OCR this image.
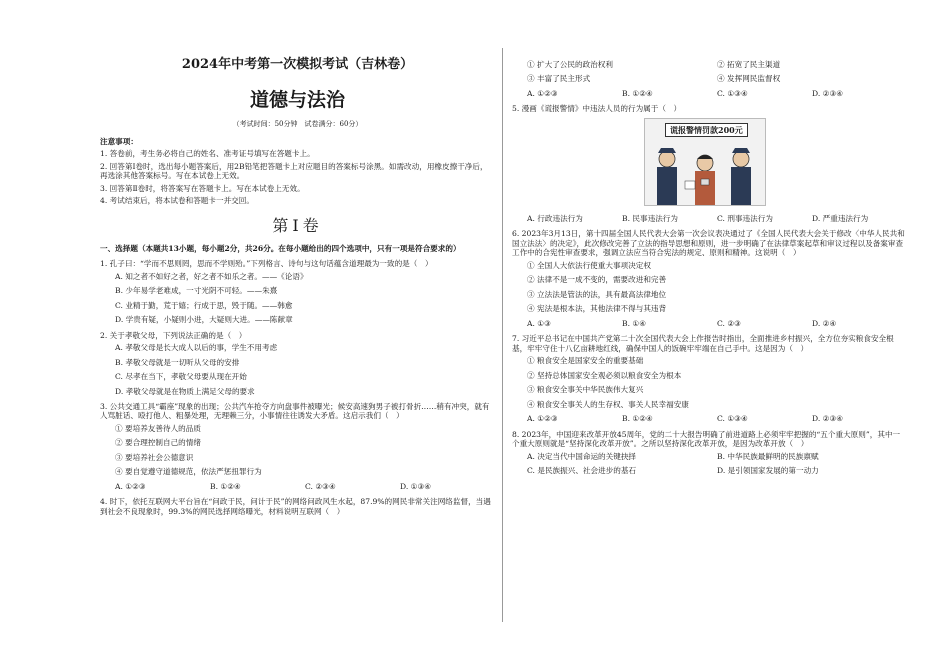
2024年中考第一次模拟考试（吉林卷）
道德与法治
（考试时间：50分钟　试卷满分：60分）
注意事项：
1. 答卷前，考生务必将自己的姓名、准考证号填写在答题卡上。
2. 回答第Ⅰ卷时，选出每小题答案后，用2B铅笔把答题卡上对应题目的答案标号涂黑。如需改动，用橡皮擦干净后，再选涂其他答案标号。写在本试卷上无效。
3. 回答第Ⅱ卷时，将答案写在答题卡上。写在本试卷上无效。
4. 考试结束后，将本试卷和答题卡一并交回。
第Ⅰ卷
一、选择题（本题共13小题，每小题2分，共26分。在每小题给出的四个选项中，只有一项是符合要求的）
1. 孔子曰：“学而不思则罔，思而不学则殆。”下列格言、诗句与这句话蕴含道理最为一致的是（　）
A. 知之者不如好之者，好之者不如乐之者。——《论语》
B. 少年易学老难成，一寸光阴不可轻。——朱熹
C. 业精于勤，荒于嬉；行成于思，毁于随。——韩愈
D. 学贵有疑，小疑则小进，大疑则大进。——陈献章
2. 关于孝敬父母，下列说法正确的是（　）
A. 孝敬父母是长大成人以后的事，学生不用考虑
B. 孝敬父母就是一切听从父母的安排
C. 尽孝在当下，孝敬父母要从现在开始
D. 孝敬父母就是在物质上满足父母的要求
3. 公共交通工具“霸座”现象的出现；公共汽车抢夺方向盘事件被曝光；候安高速狗男子被打骨折……稍有冲突，就有人骂脏话、殴打他人、粗暴处理，无理赖三分，小事情往往诱发大矛盾。这启示我们（　）
① 要培养友善待人的品质
② 要合理控制自己的情绪
③ 要培养社会公德意识
④ 要自觉遵守道德规范，依法严惩扭罪行为
A. ①②③	B. ①②④	C. ②③④	D. ①③④
4. 时下，依托互联网大平台旨在“问政于民，问计于民”的网络问政风生水起，87.9%的网民非常关注网络监督，当遇到社会不良现象时，99.3%的网民选择网络曝光，材料说明互联网（　）
① 扩大了公民的政治权利	② 拓宽了民主渠道
③ 丰富了民主形式	④ 发挥网民监督权
A. ①②③	B. ①②④	C. ①③④	D. ②③④
5. 漫画《谎报警情》中违法人员的行为属于（　）
谎报警情罚款200元
A. 行政违法行为	B. 民事违法行为	C. 刑事违法行为	D. 严重违法行为
6. 2023年3月13日，第十四届全国人民代表大会第一次会议表决通过了《全国人民代表大会关于修改〈中华人民共和国立法法〉的决定》，此次修改完善了立法的指导思想和原则，进一步明确了在法律草案起草和审议过程以及备案审查工作中的合宪性审查要求，强调立法应当符合宪法的规定、原则和精神。这说明（　）
① 全国人大依法行使重大事项决定权
② 法律不是一成不变的，需要改进和完善
③ 立法法是管法的法，具有最高法律地位
④ 宪法是根本法，其他法律不得与其违背
A. ①③	B. ①④	C. ②③	D. ②④
7. 习近平总书记在中国共产党第二十次全国代表大会上作报告时指出，全面推进乡村振兴，全方位夯实粮食安全根基，牢牢守住十八亿亩耕地红线，确保中国人的饭碗牢牢端在自己手中。这是因为（　）
① 粮食安全是国家安全的重要基础
② 坚持总体国家安全观必须以粮食安全为根本
③ 粮食安全事关中华民族伟大复兴
④ 粮食安全事关人的生存权、事关人民幸福安康
A. ①②③	B. ①②④	C. ①③④	D. ②③④
8. 2023年，中国迎来改革开放45周年，党的二十大报告明确了前进道路上必须牢牢把握的“五个重大原则”，其中一个重大原则就是“坚持深化改革开放”。之所以坚持深化改革开放，是因为改革开放（　）
A. 决定当代中国命运的关键抉择	B. 中华民族最鲜明的民族禀赋
C. 是民族振兴、社会进步的基石	D. 是引领国家发展的第一动力
